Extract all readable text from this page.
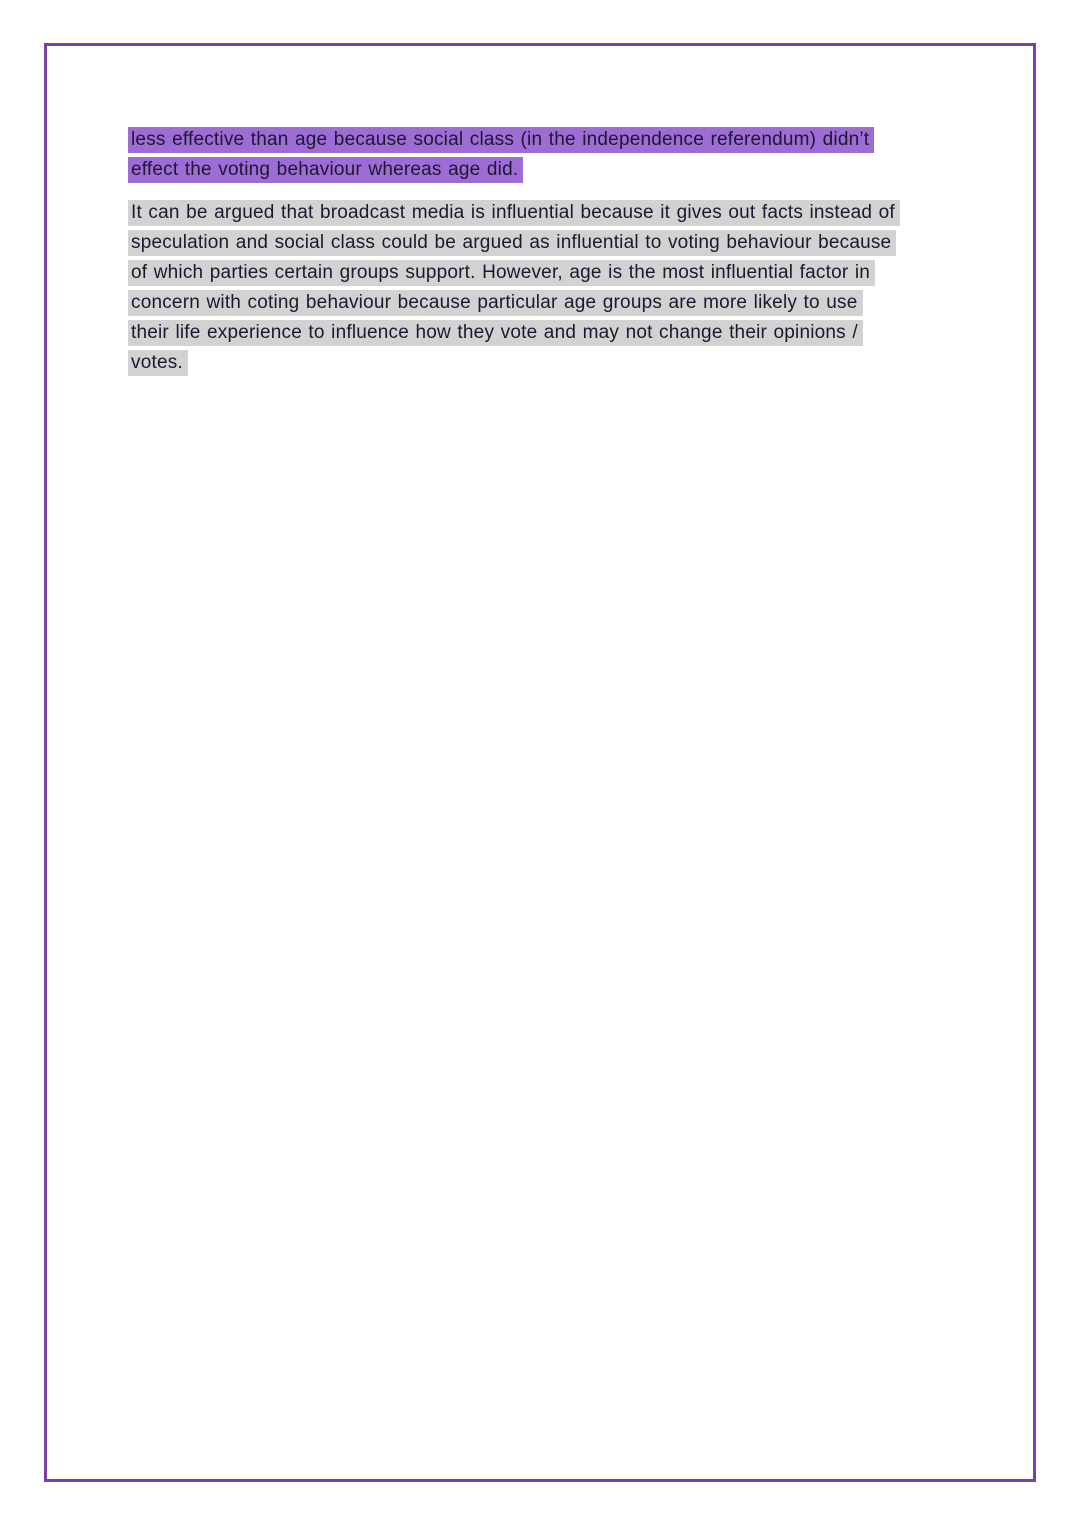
less effective than age because social class (in the independence referendum) didn’t
effect the voting behaviour whereas age did.

It can be argued that broadcast media is influential because it gives out facts instead of
speculation and social class could be argued as influential to voting behaviour because
of which parties certain groups support. However, age is the most influential factor in
concern with coting behaviour because particular age groups are more likely to use
their life experience to influence how they vote and may not change their opinions /
votes.
